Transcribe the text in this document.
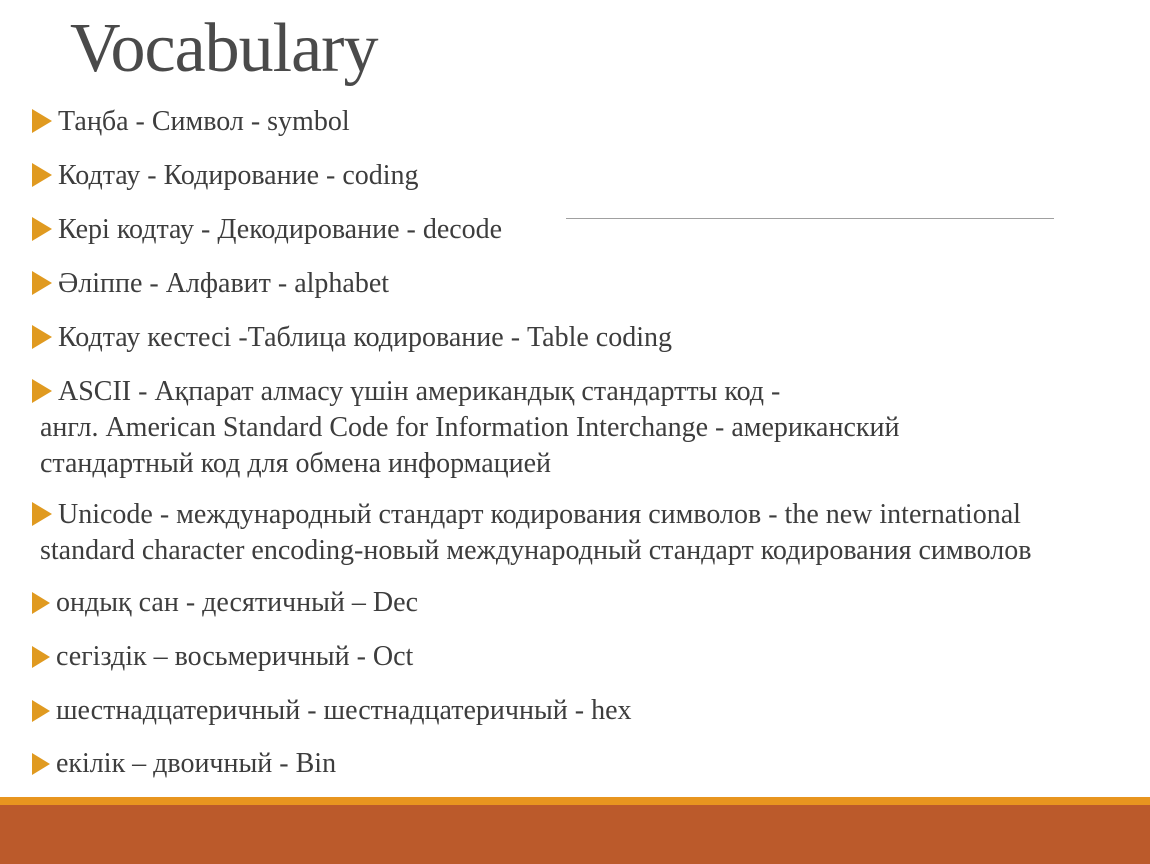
Vocabulary
Таңба - Символ - symbol
Кодтау - Кодирование - coding
Кері кодтау - Декодирование - decode
Әліппе - Алфавит - alphabet
Кодтау кестесі -Таблица кодирование - Table coding
ASCII - Ақпарат алмасу үшін американдық стандартты код -
англ. American Standard Code for Information Interchange - американский
стандартный код для обмена информацией
Unicode - международный стандарт кодирования символов - the new international
standard character encoding-новый международный стандарт кодирования символов
ондық сан - десятичный – Dec
сегіздік – восьмеричный - Oct
шестнадцатеричный - шестнадцатеричный - hex
екілік – двоичный - Bin
